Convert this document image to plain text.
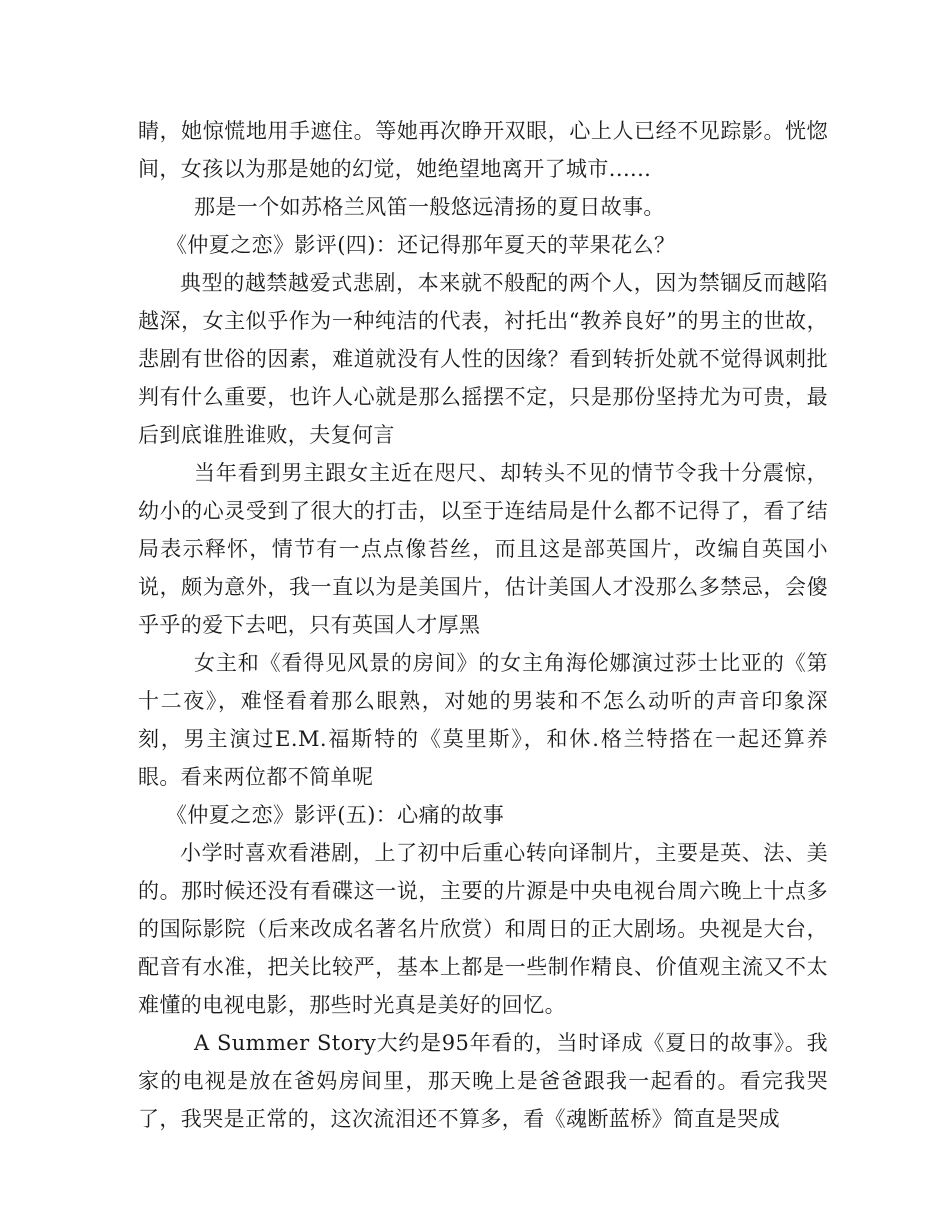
睛，她惊慌地用手遮住。等她再次睁开双眼，心上人已经不见踪影。恍惚间，女孩以为那是她的幻觉，她绝望地离开了城市......

那是一个如苏格兰风笛一般悠远清扬的夏日故事。

《仲夏之恋》影评(四)：还记得那年夏天的苹果花么？

典型的越禁越爱式悲剧，本来就不般配的两个人，因为禁锢反而越陷越深，女主似乎作为一种纯洁的代表，衬托出“教养良好”的男主的世故，悲剧有世俗的因素，难道就没有人性的因缘？看到转折处就不觉得讽刺批判有什么重要，也许人心就是那么摇摆不定，只是那份坚持尤为可贵，最后到底谁胜谁败，夫复何言

当年看到男主跟女主近在咫尺、却转头不见的情节令我十分震惊，幼小的心灵受到了很大的打击，以至于连结局是什么都不记得了，看了结局表示释怀，情节有一点点像苔丝，而且这是部英国片，改编自英国小说，颇为意外，我一直以为是美国片，估计美国人才没那么多禁忌，会傻乎乎的爱下去吧，只有英国人才厚黑

女主和《看得见风景的房间》的女主角海伦娜演过莎士比亚的《第十二夜》，难怪看着那么眼熟，对她的男装和不怎么动听的声音印象深刻，男主演过E.M.福斯特的《莫里斯》，和休.格兰特搭在一起还算养眼。看来两位都不简单呢

《仲夏之恋》影评(五)：心痛的故事

小学时喜欢看港剧，上了初中后重心转向译制片，主要是英、法、美的。那时候还没有看碟这一说，主要的片源是中央电视台周六晚上十点多的国际影院（后来改成名著名片欣赏）和周日的正大剧场。央视是大台，配音有水准，把关比较严，基本上都是一些制作精良、价值观主流又不太难懂的电视电影，那些时光真是美好的回忆。

A Summer Story大约是95年看的，当时译成《夏日的故事》。我家的电视是放在爸妈房间里，那天晚上是爸爸跟我一起看的。看完我哭了，我哭是正常的，这次流泪还不算多，看《魂断蓝桥》简直是哭成
